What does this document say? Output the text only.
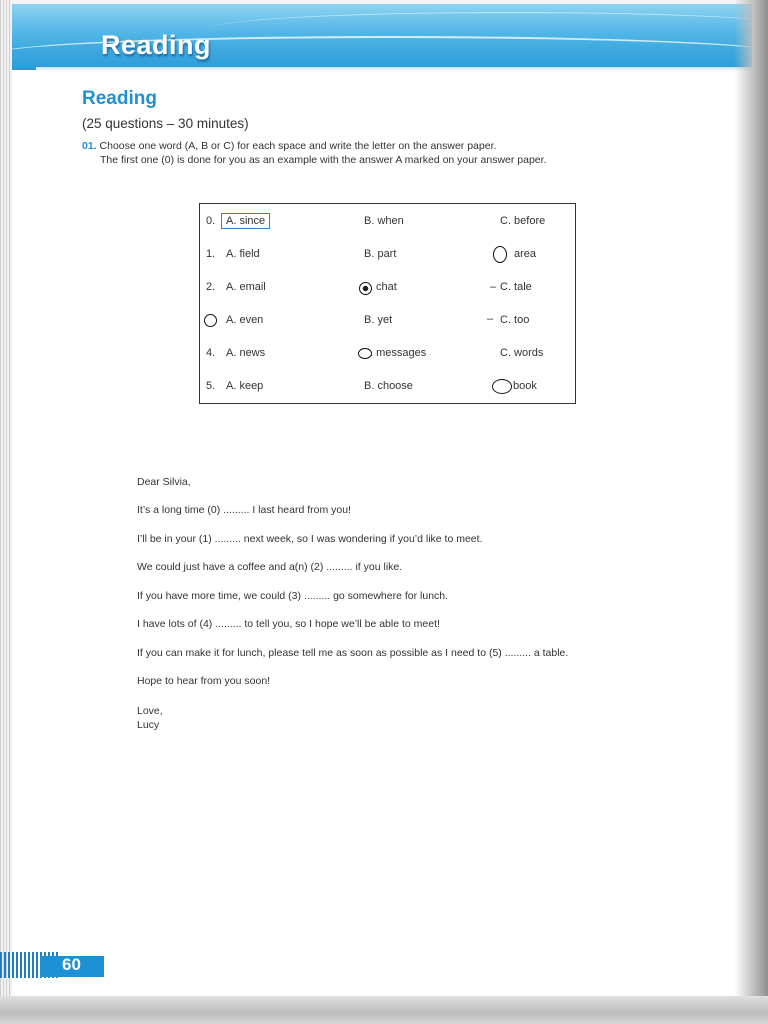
Reading
Reading
(25 questions – 30 minutes)
01. Choose one word (A, B or C) for each space and write the letter on the answer paper.
The first one (0) is done for you as an example with the answer A marked on your answer paper.
0. A. since	B. when	C. before
1. A. field	B. part	area
2. A. email	chat	– C. tale
A. even	B. yet	– C. too
4. A. news	. messages	C. words
5. A. keep	B. choose	book

Dear Silvia,

It’s a long time (0) ......... I last heard from you!

I’ll be in your (1) ......... next week, so I was wondering if you’d like to meet.

We could just have a coffee and a(n) (2) ......... if you like.

If you have more time, we could (3) ......... go somewhere for lunch.

I have lots of (4) ......... to tell you, so I hope we’ll be able to meet!

If you can make it for lunch, please tell me as soon as possible as I need to (5) ......... a table.

Hope to hear from you soon!

Love,

Lucy

60
